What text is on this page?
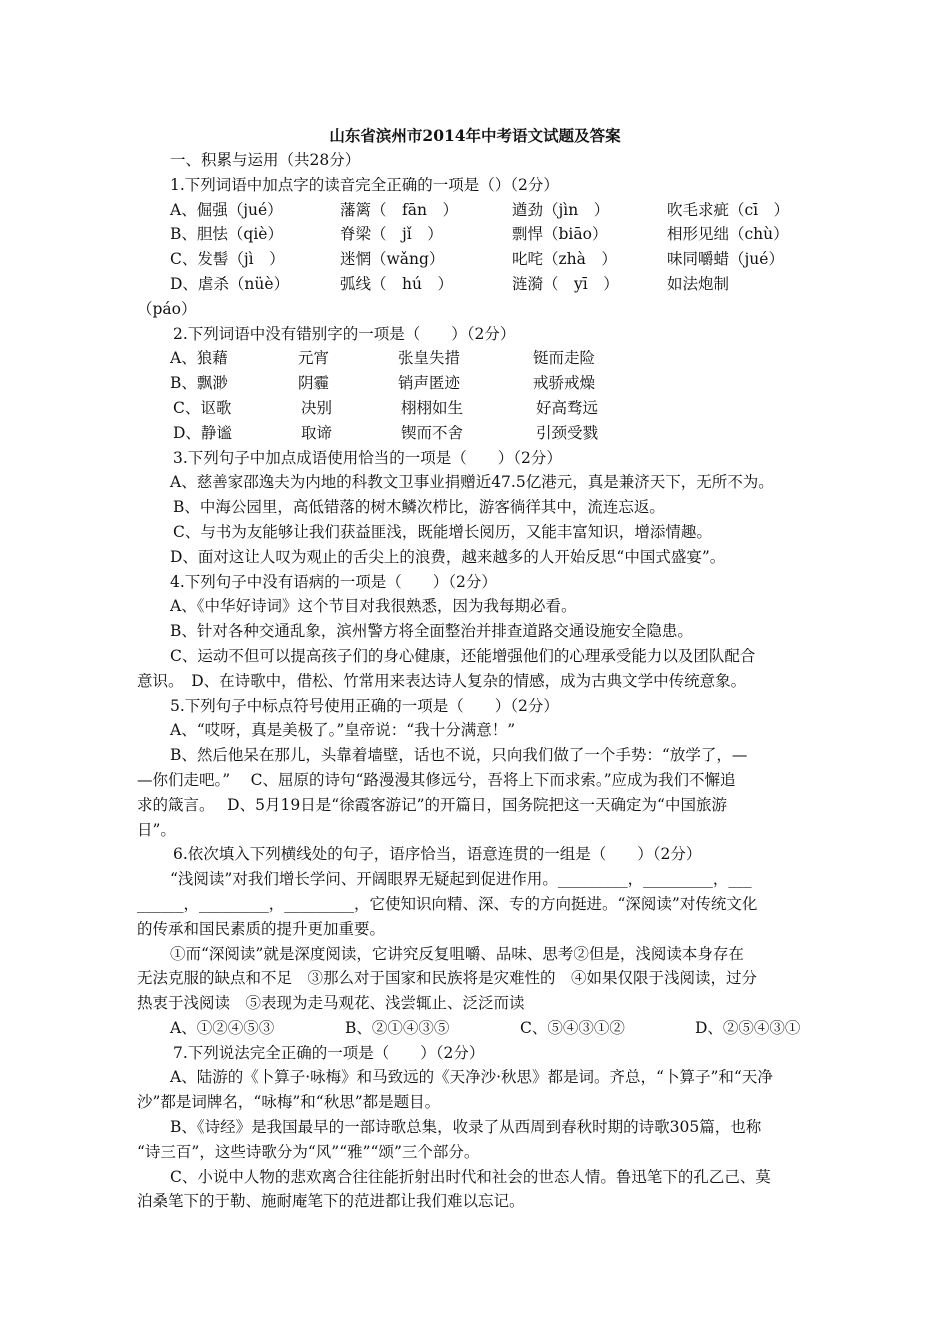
山东省滨州市2014年中考语文试题及答案
一、积累与运用（共28分）
1.下列词语中加点字的读音完全正确的一项是（）（2分）
A、倔强（jué）	藩篱（　fān　）	遒劲（jìn　）	吹毛求疵（cī　）
B、胆怯（qiè）	脊梁（　jǐ　）	剽悍（biāo）	相形见绌（chù）
C、发髻（jì　）	迷惘（wǎng）	叱咤（zhà　）	味同嚼蜡（jué）
D、虐杀（nüè）	弧线（　hú　）	涟漪（　yī　）	如法炮制
（páo）
2.下列词语中没有错别字的一项是（　　）（2分）
A、狼藉	元宵	张皇失措	铤而走险
B、飘渺	阴霾	销声匿迹	戒骄戒燥
C、讴歌	决别	栩栩如生	好高骛远
D、静谧	取谛	锲而不舍	引颈受戮
3.下列句子中加点成语使用恰当的一项是（　　）（2分）
A、慈善家邵逸夫为内地的科教文卫事业捐赠近47.5亿港元，真是兼济天下，无所不为。
B、中海公园里，高低错落的树木鳞次栉比，游客徜徉其中，流连忘返。
C、与书为友能够让我们获益匪浅，既能增长阅历，又能丰富知识，增添情趣。
D、面对这让人叹为观止的舌尖上的浪费，越来越多的人开始反思“中国式盛宴”。
4.下列句子中没有语病的一项是（　　）（2分）
A、《中华好诗词》这个节目对我很熟悉，因为我每期必看。
B、针对各种交通乱象，滨州警方将全面整治并排查道路交通设施安全隐患。
C、运动不但可以提高孩子们的身心健康，还能增强他们的心理承受能力以及团队配合
意识。　D、在诗歌中，借松、竹常用来表达诗人复杂的情感，成为古典文学中传统意象。
5.下列句子中标点符号使用正确的一项是（　　）（2分）
A、“哎呀，真是美极了。”皇帝说：“我十分满意！”
B、然后他呆在那儿，头靠着墙壁，话也不说，只向我们做了一个手势：“放学了，—
—你们走吧。”　 C、屈原的诗句“路漫漫其修远兮，吾将上下而求索。”应成为我们不懈追
求的箴言。　 D、5月19日是“徐霞客游记”的开篇日，国务院把这一天确定为“中国旅游
日”。
6.依次填入下列横线处的句子，语序恰当，语意连贯的一组是（　　）（2分）
“浅阅读”对我们增长学问、开阔眼界无疑起到促进作用。_________，_________，___
______，_________，_________，它使知识向精、深、专的方向挺进。“深阅读”对传统文化
的传承和国民素质的提升更加重要。
①而“深阅读”就是深度阅读，它讲究反复咀嚼、品味、思考②但是，浅阅读本身存在
无法克服的缺点和不足　③那么对于国家和民族将是灾难性的　④如果仅限于浅阅读，过分
热衷于浅阅读　⑤表现为走马观花、浅尝辄止、泛泛而读
A、①②④⑤③	B、②①④③⑤	C、⑤④③①②	D、②⑤④③①
7.下列说法完全正确的一项是（　　）（2分）
A、陆游的《卜算子·咏梅》和马致远的《天净沙·秋思》都是词。齐总，“卜算子”和“天净
沙”都是词牌名，“咏梅”和“秋思”都是题目。
B、《诗经》是我国最早的一部诗歌总集，收录了从西周到春秋时期的诗歌305篇，也称
“诗三百”，这些诗歌分为“风”“雅”“颂”三个部分。
C、小说中人物的悲欢离合往往能折射出时代和社会的世态人情。鲁迅笔下的孔乙己、莫
泊桑笔下的于勒、施耐庵笔下的范进都让我们难以忘记。
